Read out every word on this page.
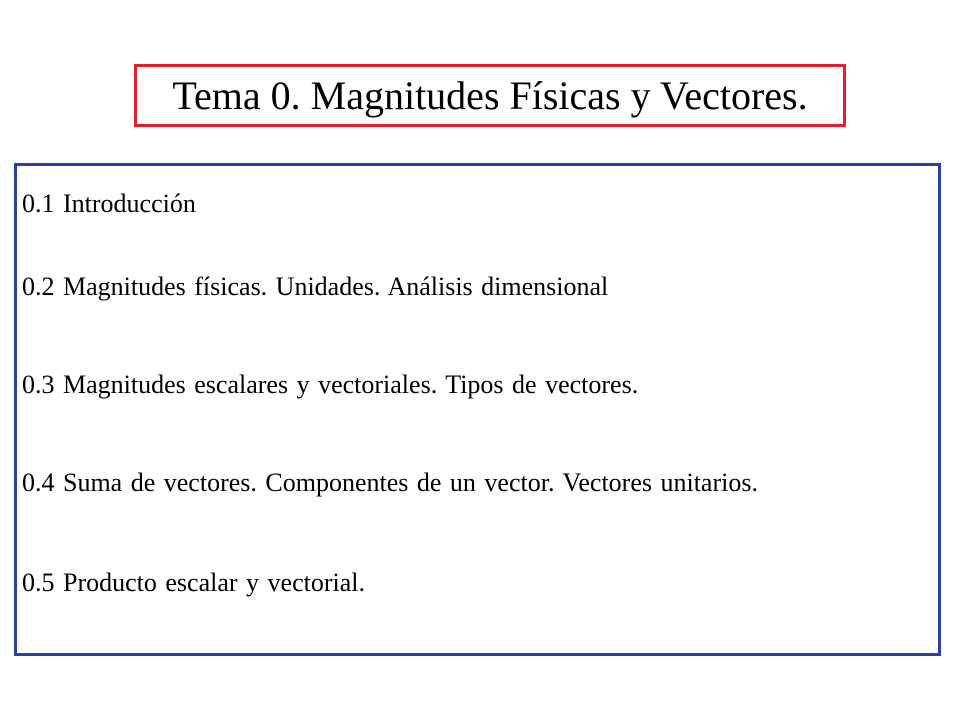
Tema 0. Magnitudes Físicas y Vectores.
0.1 Introducción
0.2 Magnitudes físicas. Unidades. Análisis dimensional
0.3 Magnitudes escalares y vectoriales. Tipos de vectores.
0.4 Suma de vectores. Componentes de un vector. Vectores unitarios.
0.5 Producto escalar y vectorial.
